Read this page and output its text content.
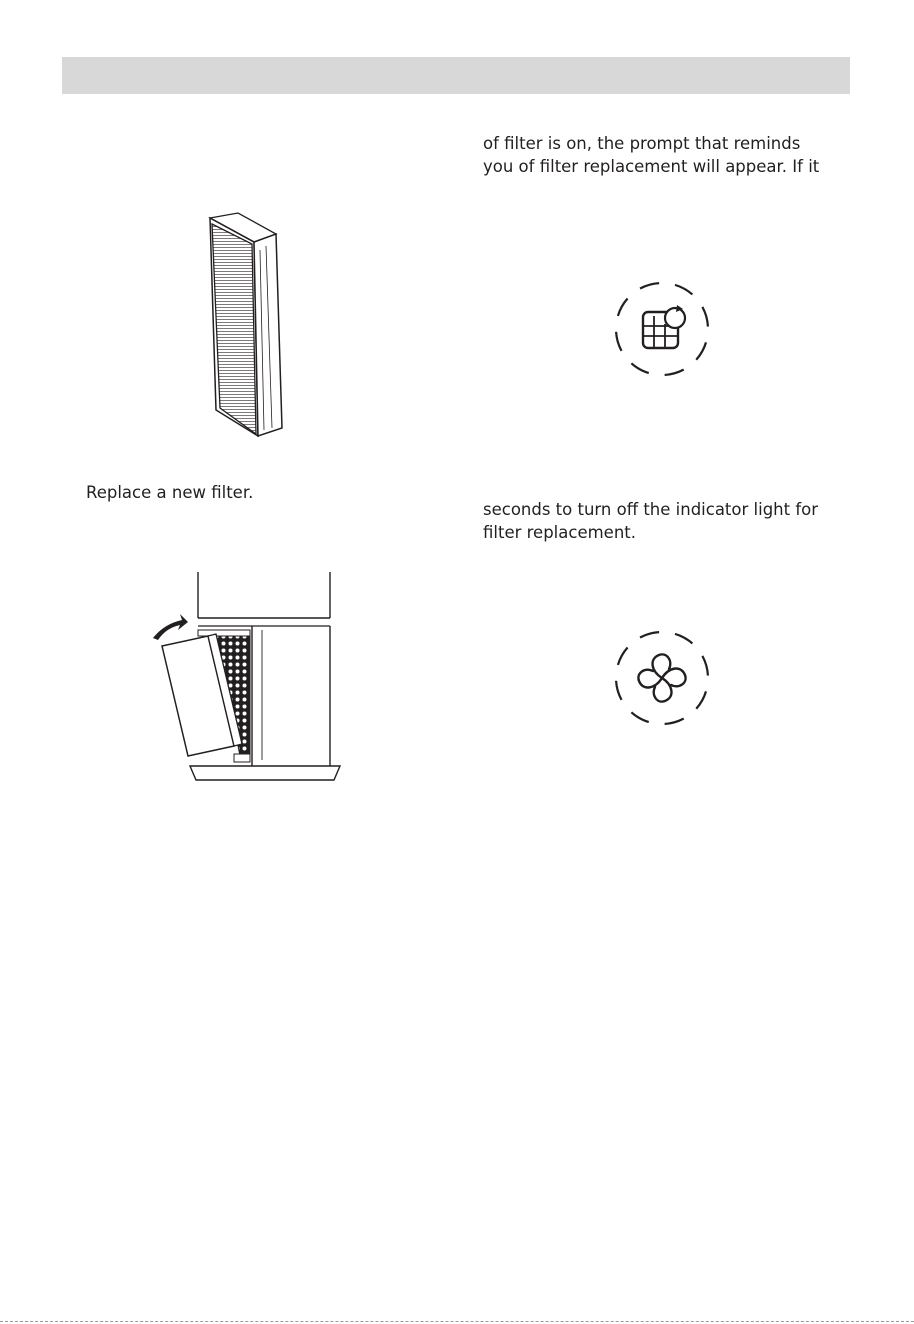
of filter is on, the prompt that reminds
you of filter replacement will appear. If it
Replace a new filter.
seconds to turn off the indicator light for
filter replacement.
